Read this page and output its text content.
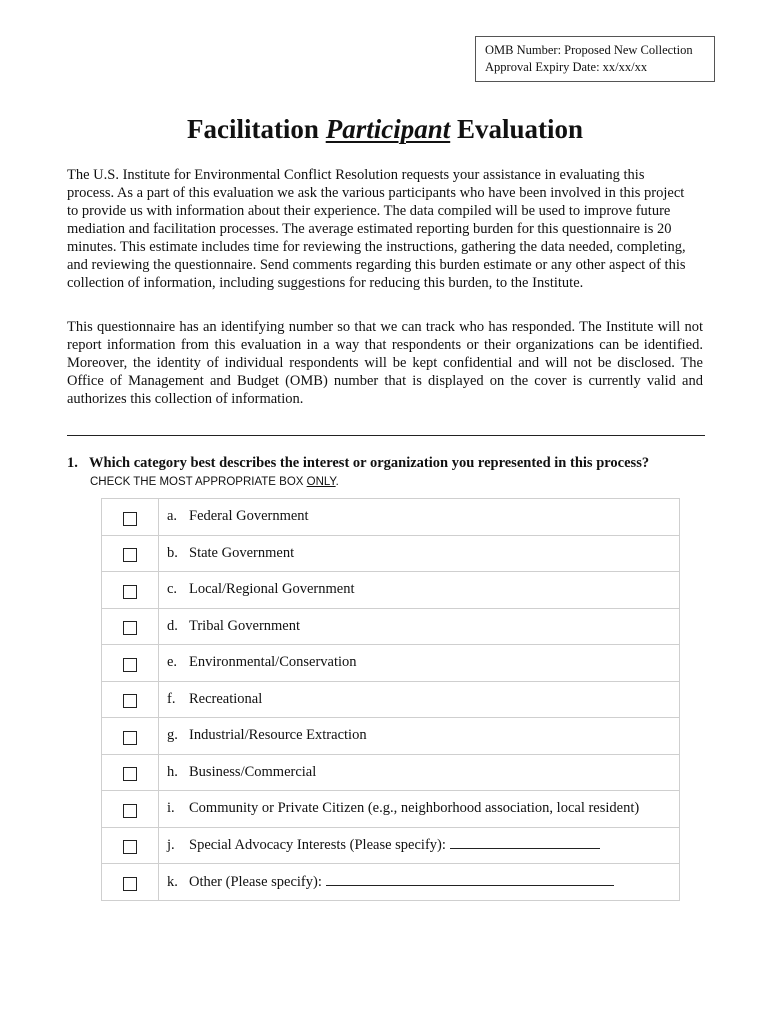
OMB Number: Proposed New Collection
Approval Expiry Date: xx/xx/xx
Facilitation Participant Evaluation

The U.S. Institute for Environmental Conflict Resolution requests your assistance in evaluating this process. As a part of this evaluation we ask the various participants who have been involved in this project to provide us with information about their experience. The data compiled will be used to improve future mediation and facilitation processes. The average estimated reporting burden for this questionnaire is 20 minutes. This estimate includes time for reviewing the instructions, gathering the data needed, completing, and reviewing the questionnaire. Send comments regarding this burden estimate or any other aspect of this collection of information, including suggestions for reducing this burden, to the Institute.

This questionnaire has an identifying number so that we can track who has responded. The Institute will not report information from this evaluation in a way that respondents or their organizations can be identified. Moreover, the identity of individual respondents will be kept confidential and will not be disclosed. The Office of Management and Budget (OMB) number that is displayed on the cover is currently valid and authorizes this collection of information.

1. Which category best describes the interest or organization you represented in this process?
CHECK THE MOST APPROPRIATE BOX ONLY.
	a. Federal Government
	b. State Government
	c. Local/Regional Government
	d. Tribal Government
	e. Environmental/Conservation
	f. Recreational
	g. Industrial/Resource Extraction
	h. Business/Commercial
	i. Community or Private Citizen (e.g., neighborhood association, local resident)
	j. Special Advocacy Interests (Please specify):
	k. Other (Please specify):
